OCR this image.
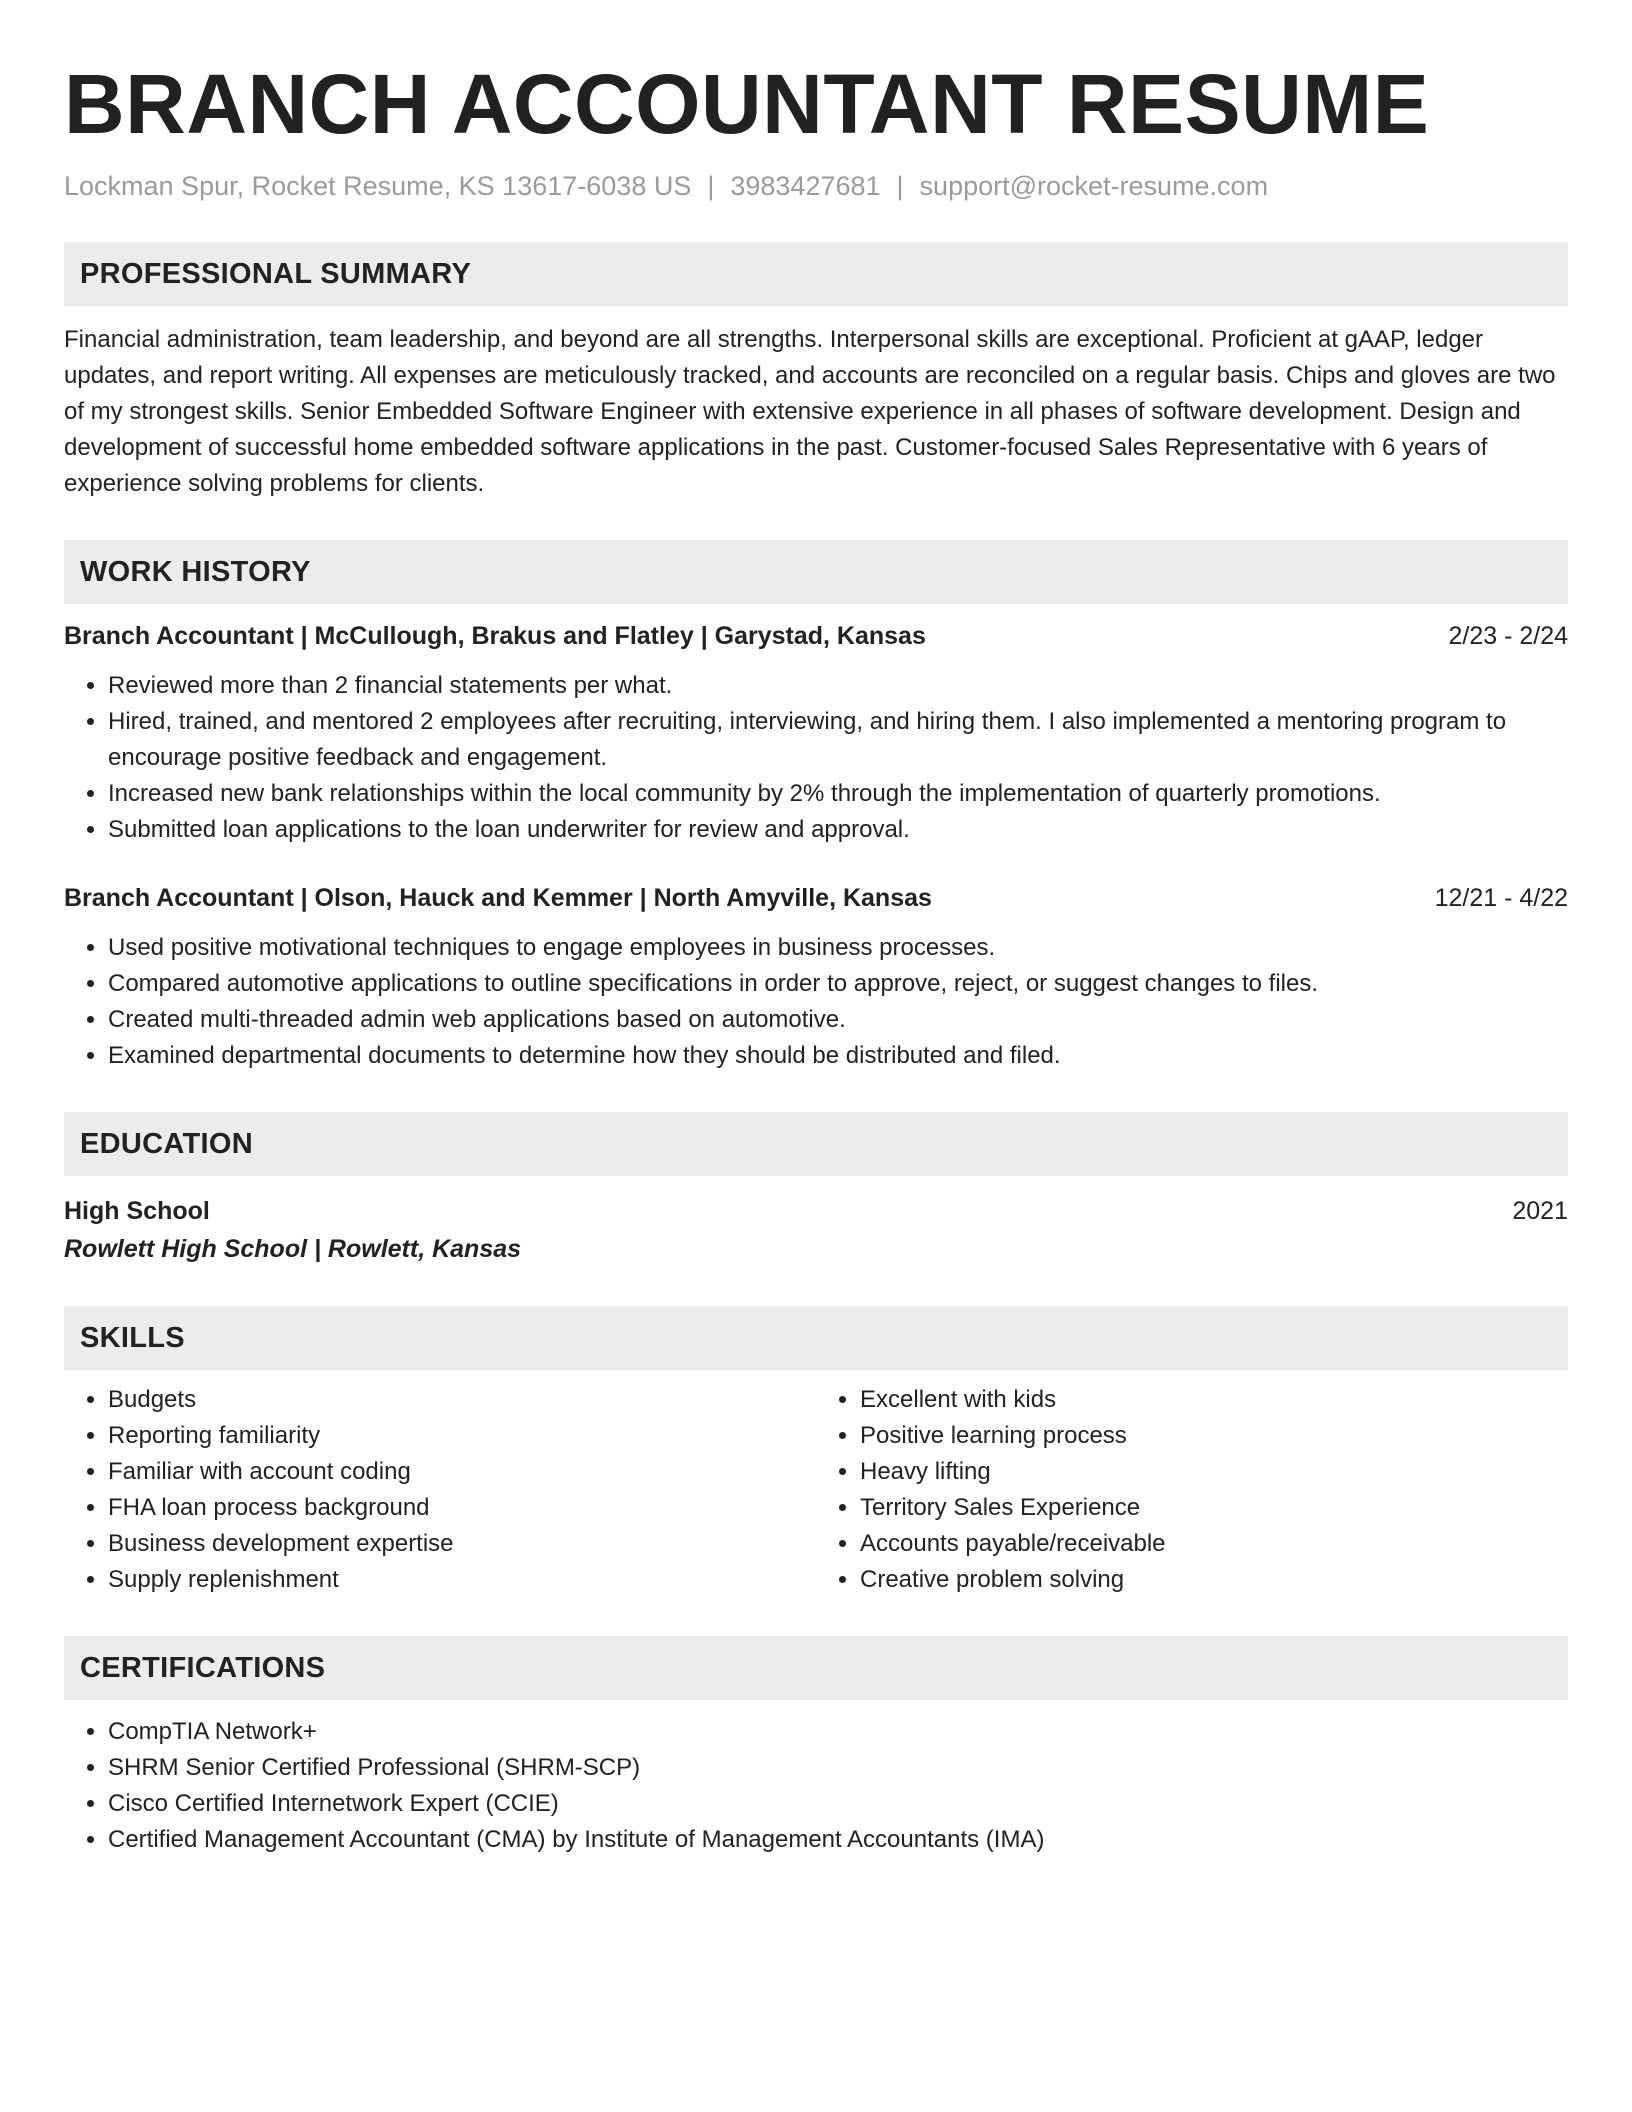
BRANCH ACCOUNTANT RESUME
Lockman Spur, Rocket Resume, KS 13617-6038 US | 3983427681 | support@rocket-resume.com
PROFESSIONAL SUMMARY

Financial administration, team leadership, and beyond are all strengths. Interpersonal skills are exceptional. Proficient at gAAP, ledger updates, and report writing. All expenses are meticulously tracked, and accounts are reconciled on a regular basis. Chips and gloves are two of my strongest skills. Senior Embedded Software Engineer with extensive experience in all phases of software development. Design and development of successful home embedded software applications in the past. Customer-focused Sales Representative with 6 years of experience solving problems for clients.

WORK HISTORY
Branch Accountant | McCullough, Brakus and Flatley | Garystad, Kansas	2/23 - 2/24
• Reviewed more than 2 financial statements per what.
• Hired, trained, and mentored 2 employees after recruiting, interviewing, and hiring them. I also implemented a mentoring program to encourage positive feedback and engagement.
• Increased new bank relationships within the local community by 2% through the implementation of quarterly promotions.
• Submitted loan applications to the loan underwriter for review and approval.
Branch Accountant | Olson, Hauck and Kemmer | North Amyville, Kansas	12/21 - 4/22
• Used positive motivational techniques to engage employees in business processes.
• Compared automotive applications to outline specifications in order to approve, reject, or suggest changes to files.
• Created multi-threaded admin web applications based on automotive.
• Examined departmental documents to determine how they should be distributed and filed.
EDUCATION
High School	2021
Rowlett High School | Rowlett, Kansas
SKILLS
• Budgets
• Reporting familiarity
• Familiar with account coding
• FHA loan process background
• Business development expertise
• Supply replenishment
• Excellent with kids
• Positive learning process
• Heavy lifting
• Territory Sales Experience
• Accounts payable/receivable
• Creative problem solving
CERTIFICATIONS
• CompTIA Network+
• SHRM Senior Certified Professional (SHRM-SCP)
• Cisco Certified Internetwork Expert (CCIE)
• Certified Management Accountant (CMA) by Institute of Management Accountants (IMA)
